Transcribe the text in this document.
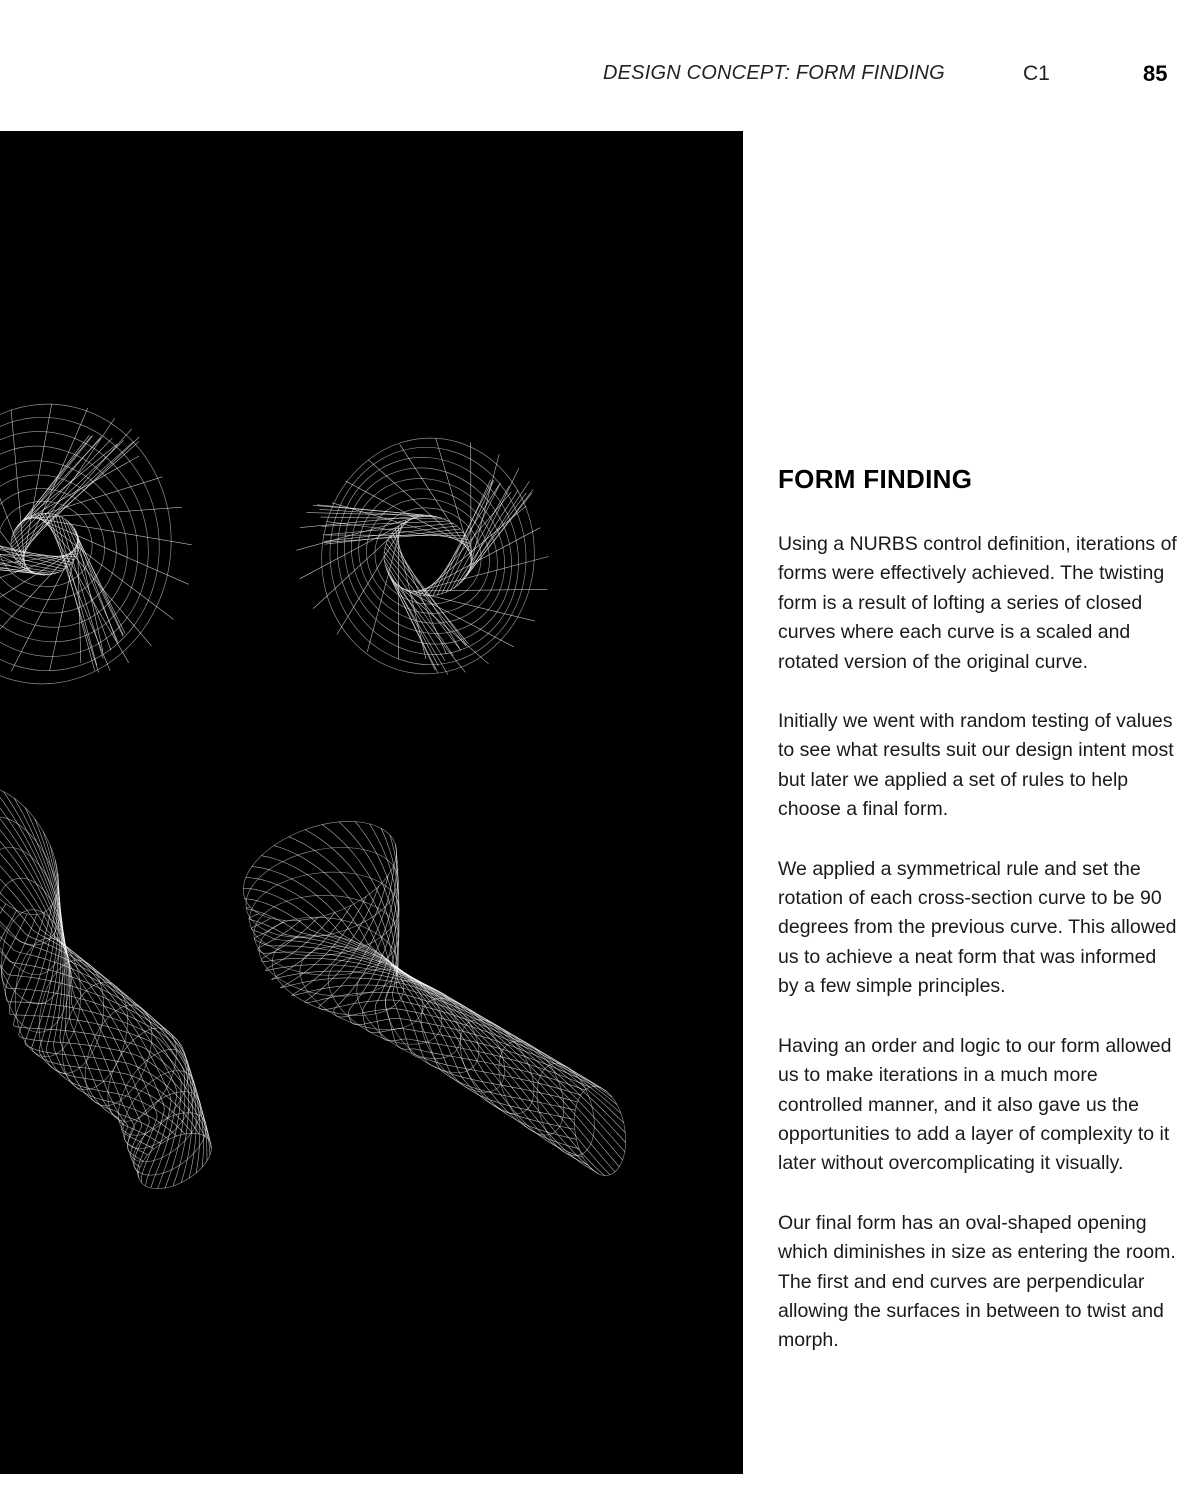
DESIGN CONCEPT: FORM FINDING	C1	85
FORM FINDING

Using a NURBS control definition, iterations of forms were effectively achieved. The twisting form is a result of lofting a series of closed curves where each curve is a scaled and rotated version of the original curve.

Initially we went with random testing of values to see what results suit our design intent most but later we applied a set of rules to help choose a final form.

We applied a symmetrical rule and set the rotation of each cross-section curve to be 90 degrees from the previous curve. This allowed us to achieve a neat form that was informed by a few simple principles.

Having an order and logic to our form allowed us to make iterations in a much more controlled manner, and it also gave us the opportunities to add a layer of complexity to it later without overcomplicating it visually.

Our final form has an oval-shaped opening which diminishes in size as entering the room. The first and end curves are perpendicular allowing the surfaces in between to twist and morph.
